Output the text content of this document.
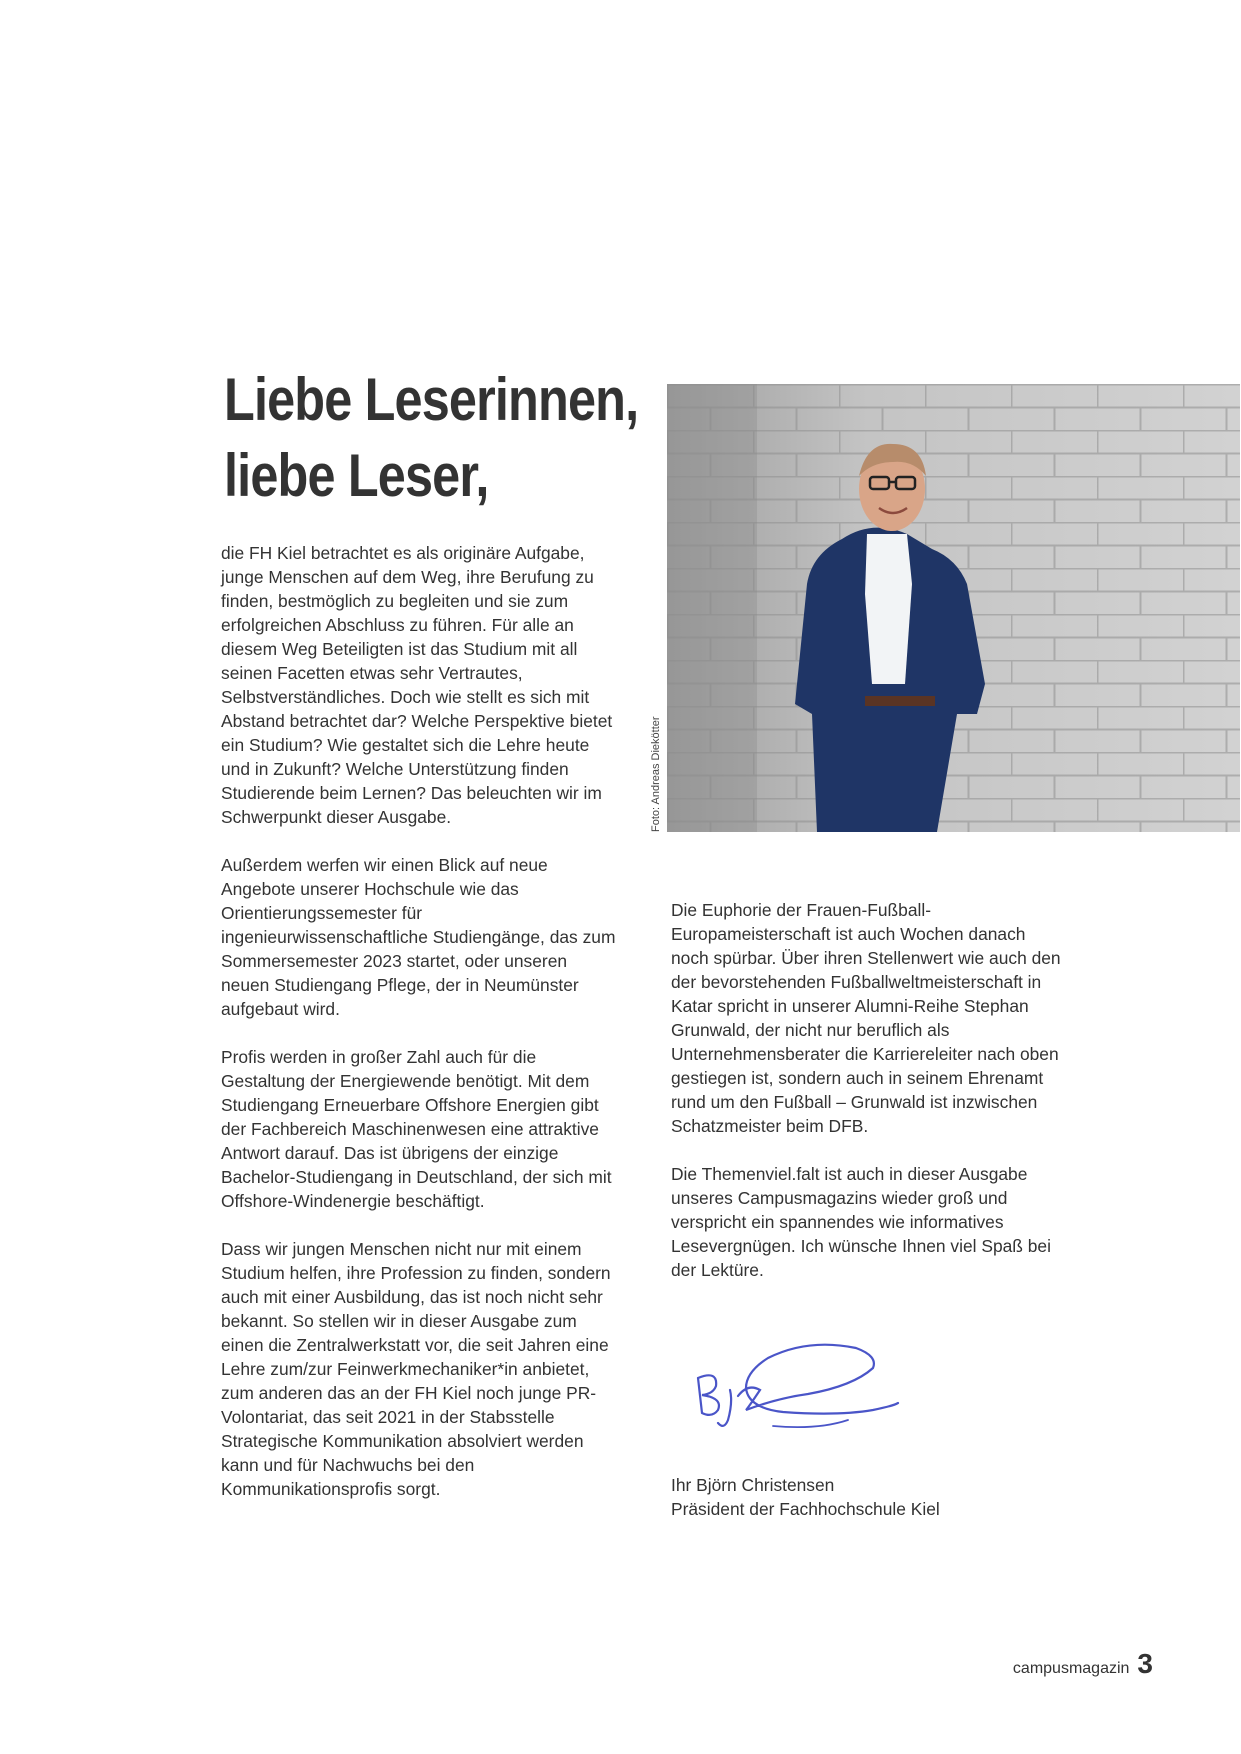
Liebe Leserinnen,
liebe Leser,

die FH Kiel betrachtet es als originäre Aufgabe, junge Menschen auf dem Weg, ihre Berufung zu finden, bestmöglich zu begleiten und sie zum erfolgreichen Abschluss zu führen. Für alle an diesem Weg Beteiligten ist das Studium mit all seinen Facetten etwas sehr Vertrautes, Selbstverständliches. Doch wie stellt es sich mit Abstand betrachtet dar? Welche Perspektive bietet ein Studium? Wie gestaltet sich die Lehre heute und in Zukunft? Welche Unterstützung finden Studierende beim Lernen? Das beleuchten wir im Schwerpunkt dieser Ausgabe.

Außerdem werfen wir einen Blick auf neue Angebote unserer Hochschule wie das Orientierungssemester für ingenieurwissenschaftliche Studiengänge, das zum Sommersemester 2023 startet, oder unseren neuen Studiengang Pflege, der in Neumünster aufgebaut wird.

Profis werden in großer Zahl auch für die Gestaltung der Energiewende benötigt. Mit dem Studiengang Erneuerbare Offshore Energien gibt der Fachbereich Maschinenwesen eine attraktive Antwort darauf. Das ist übrigens der einzige Bachelor-Studiengang in Deutschland, der sich mit Offshore-Windenergie beschäftigt.

Dass wir jungen Menschen nicht nur mit einem Studium helfen, ihre Profession zu finden, sondern auch mit einer Ausbildung, das ist noch nicht sehr bekannt. So stellen wir in dieser Ausgabe zum einen die Zentralwerkstatt vor, die seit Jahren eine Lehre zum/zur Feinwerkmechaniker*in anbietet, zum anderen das an der FH Kiel noch junge PR-Volontariat, das seit 2021 in der Stabsstelle Strategische Kommunikation absolviert werden kann und für Nachwuchs bei den Kommunikationsprofis sorgt.

Foto: Andreas Diekötter

Die Euphorie der Frauen-Fußball-Europameisterschaft ist auch Wochen danach noch spürbar. Über ihren Stellenwert wie auch den der bevorstehenden Fußballweltmeisterschaft in Katar spricht in unserer Alumni-Reihe Stephan Grunwald, der nicht nur beruflich als Unternehmensberater die Karriereleiter nach oben gestiegen ist, sondern auch in seinem Ehrenamt rund um den Fußball – Grunwald ist inzwischen Schatzmeister beim DFB.

Die Themenviel.falt ist auch in dieser Ausgabe unseres Campusmagazins wieder groß und verspricht ein spannendes wie informatives Lesevergnügen. Ich wünsche Ihnen viel Spaß bei der Lektüre.

Ihr Björn Christensen
Präsident der Fachhochschule Kiel
campusmagazin 3
